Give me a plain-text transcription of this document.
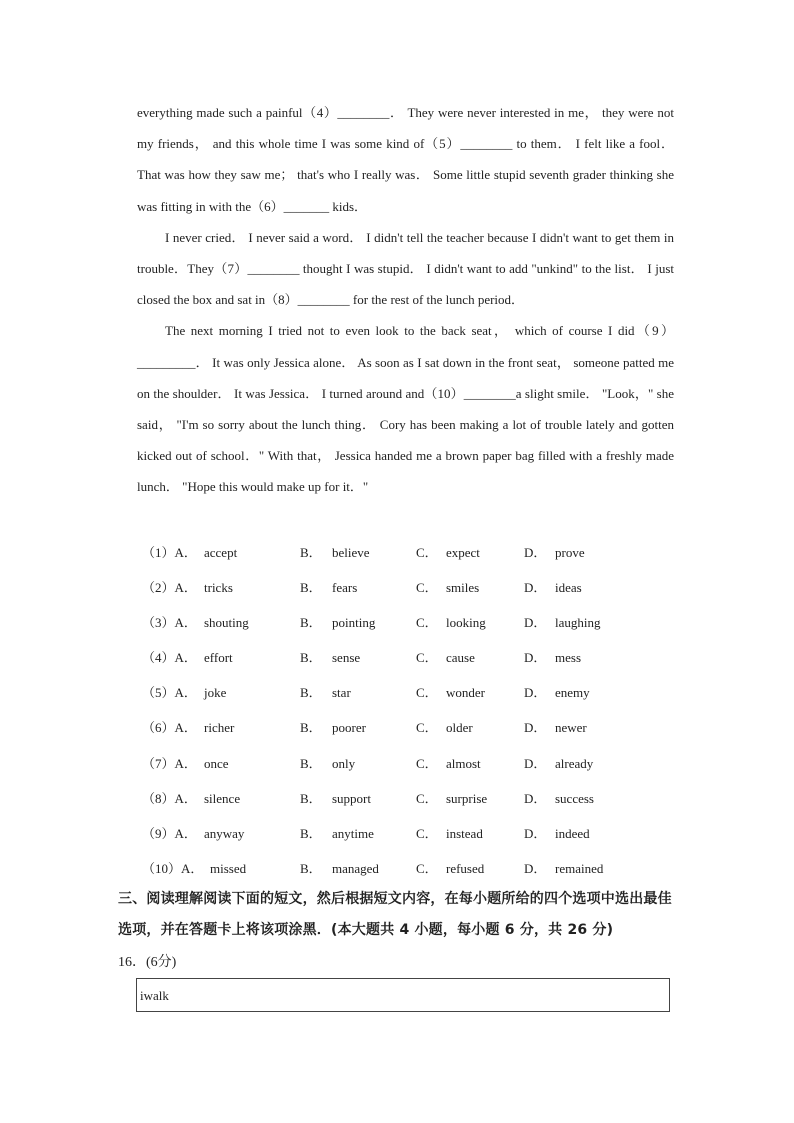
everything made such a painful（4）________． They were never interested in me， they were not my friends， and this whole time I was some kind of（5）________ to them． I felt like a fool． That was how they saw me； that's who I really was． Some little stupid seventh grader thinking she was fitting in with the（6）_______ kids．

I never cried． I never said a word． I didn't tell the teacher because I didn't want to get them in trouble．They（7）________ thought I was stupid． I didn't want to add "unkind" to the list． I just closed the box and sat in（8）________ for the rest of the lunch period．

The next morning I tried not to even look to the back seat， which of course I did（9）_________． It was only Jessica alone． As soon as I sat down in the front seat， someone patted me on the shoulder． It was Jessica． I turned around and（10）________a slight smile． "Look，" she said， "I'm so sorry about the lunch thing． Cory has been making a lot of trouble lately and gotten kicked out of school．" With that， Jessica handed me a brown paper bag filled with a freshly made lunch． "Hope this would make up for it．"

（1）A． accept	B． believe	C． expect	D． prove
（2）A． tricks	B． fears	C． smiles	D． ideas
（3）A． shouting	B． pointing	C． looking	D． laughing
（4）A． effort	B． sense	C． cause	D． mess
（5）A． joke	B． star	C． wonder	D． enemy
（6）A． richer	B． poorer	C． older	D． newer
（7）A． once	B． only	C． almost	D． already
（8）A． silence	B． support	C． surprise	D． success
（9）A． anyway	B． anytime	C． instead	D． indeed
（10）A． missed	B． managed	C． refused	D． remained
三、阅读理解阅读下面的短文，然后根据短文内容，在每小题所给的四个选项中选出最佳选项，并在答题卡上将该项涂黑．(本大题共 4 小题，每小题 6 分，共 26 分)
16．(6分)
iwalk
